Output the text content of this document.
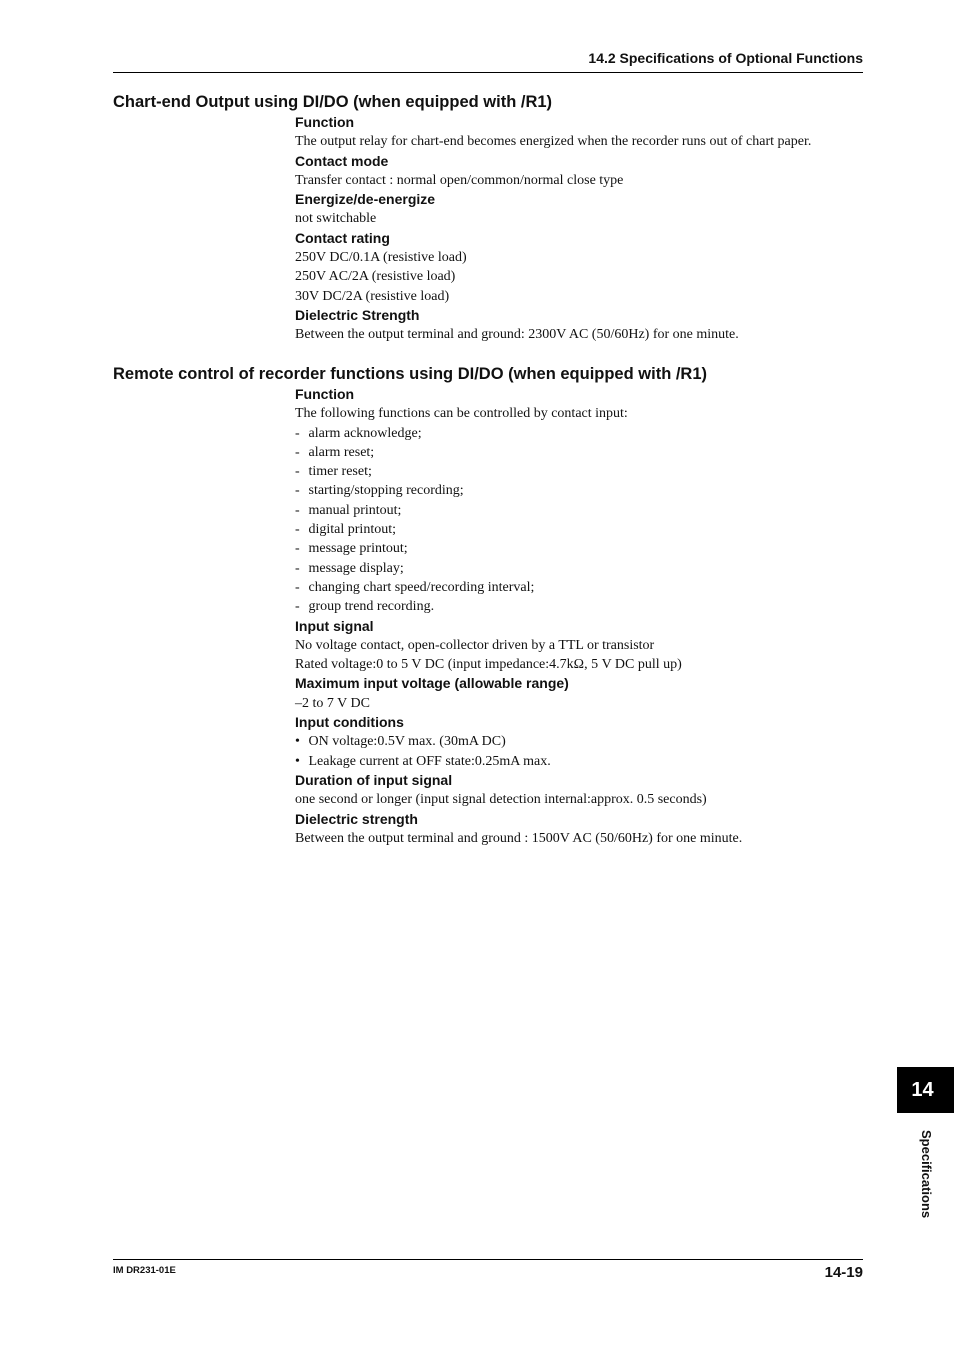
14.2 Specifications of Optional Functions
Chart-end Output using DI/DO (when equipped with /R1)
Function
The output relay for chart-end becomes energized when the recorder runs out of chart paper.
Contact mode
Transfer contact : normal open/common/normal close type
Energize/de-energize
not switchable
Contact rating
250V DC/0.1A (resistive load)
250V AC/2A (resistive load)
30V DC/2A (resistive load)
Dielectric Strength
Between the output terminal and ground: 2300V AC (50/60Hz) for one minute.
Remote control of recorder functions using DI/DO (when equipped with /R1)
Function
The following functions can be controlled by contact input:
- alarm acknowledge;
- alarm reset;
- timer reset;
- starting/stopping recording;
- manual printout;
- digital printout;
- message printout;
- message display;
- changing chart speed/recording interval;
- group trend recording.
Input signal
No voltage contact, open-collector driven by a TTL or transistor
Rated voltage:0 to 5 V DC (input impedance:4.7kΩ, 5 V DC pull up)
Maximum input voltage (allowable range)
–2 to 7 V DC
Input conditions
• ON voltage:0.5V max. (30mA DC)
• Leakage current at OFF state:0.25mA max.
Duration of input signal
one second or longer (input signal detection internal:approx. 0.5 seconds)
Dielectric strength
Between the output terminal and ground : 1500V AC (50/60Hz) for one minute.
14
Specifications
IM DR231-01E	14-19
